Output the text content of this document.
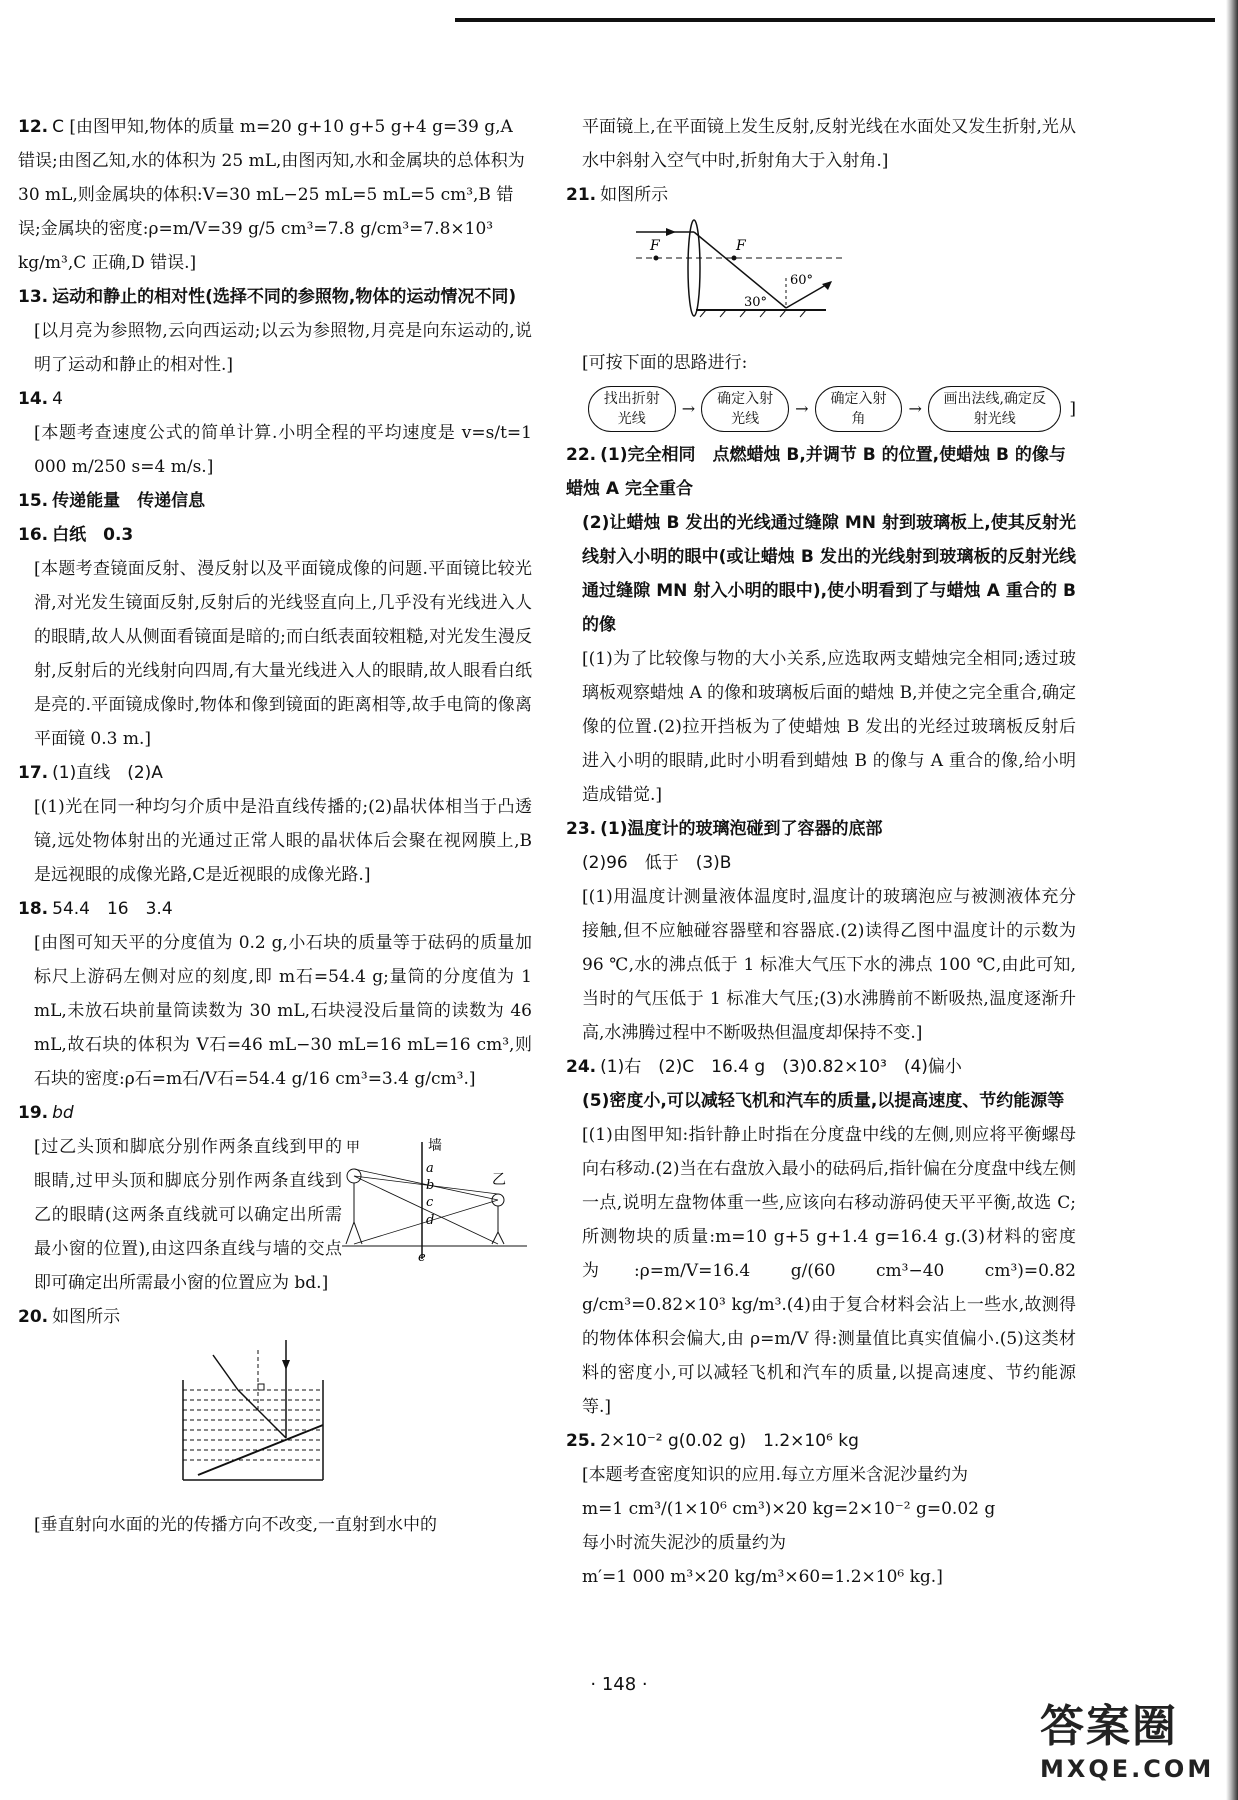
12. C [由图甲知,物体的质量 m=20 g+10 g+5 g+4 g=39 g,A 错误;由图乙知,水的体积为 25 mL,由图丙知,水和金属块的总体积为 30 mL,则金属块的体积:V=30 mL−25 mL=5 mL=5 cm³,B 错误;金属块的密度:ρ=m/V=39 g/5 cm³=7.8 g/cm³=7.8×10³ kg/m³,C 正确,D 错误.]
13. 运动和静止的相对性(选择不同的参照物,物体的运动情况不同)
[以月亮为参照物,云向西运动;以云为参照物,月亮是向东运动的,说明了运动和静止的相对性.]
14. 4
[本题考查速度公式的简单计算.小明全程的平均速度是 v=s/t=1 000 m/250 s=4 m/s.]
15. 传递能量　传递信息
16. 白纸　0.3
[本题考查镜面反射、漫反射以及平面镜成像的问题.平面镜比较光滑,对光发生镜面反射,反射后的光线竖直向上,几乎没有光线进入人的眼睛,故人从侧面看镜面是暗的;而白纸表面较粗糙,对光发生漫反射,反射后的光线射向四周,有大量光线进入人的眼睛,故人眼看白纸是亮的.平面镜成像时,物体和像到镜面的距离相等,故手电筒的像离平面镜 0.3 m.]
17. (1)直线　(2)A
[(1)光在同一种均匀介质中是沿直线传播的;(2)晶状体相当于凸透镜,远处物体射出的光通过正常人眼的晶状体后会聚在视网膜上,B是远视眼的成像光路,C是近视眼的成像光路.]
18. 54.4　16　3.4
[由图可知天平的分度值为 0.2 g,小石块的质量等于砝码的质量加标尺上游码左侧对应的刻度,即 m石=54.4 g;量筒的分度值为 1 mL,未放石块前量筒读数为 30 mL,石块浸没后量筒的读数为 46 mL,故石块的体积为 V石=46 mL−30 mL=16 mL=16 cm³,则石块的密度:ρ石=m石/V石=54.4 g/16 cm³=3.4 g/cm³.]
19. bd
[过乙头顶和脚底分别作两条直线到甲的眼睛,过甲头顶和脚底分别作两条直线到乙的眼睛(这两条直线就可以确定出所需最小窗的位置),由这四条直线与墙的交点即可确定出所需最小窗的位置应为 bd.]
墙
甲
乙
a
b
c
d
e
20. 如图所示
[垂直射向水面的光的传播方向不改变,一直射到水中的
平面镜上,在平面镜上发生反射,反射光线在水面处又发生折射,光从水中斜射入空气中时,折射角大于入射角.]
21. 如图所示
F	F
30°
60°
[可按下面的思路进行:
找出折射光线
→	确定入射光线
→	确定入射角
→	画出法线,确定反射光线	]
22. (1)完全相同　点燃蜡烛 B,并调节 B 的位置,使蜡烛 B 的像与蜡烛 A 完全重合
(2)让蜡烛 B 发出的光线通过缝隙 MN 射到玻璃板上,使其反射光线射入小明的眼中(或让蜡烛 B 发出的光线射到玻璃板的反射光线通过缝隙 MN 射入小明的眼中),使小明看到了与蜡烛 A 重合的 B 的像
[(1)为了比较像与物的大小关系,应选取两支蜡烛完全相同;透过玻璃板观察蜡烛 A 的像和玻璃板后面的蜡烛 B,并使之完全重合,确定像的位置.(2)拉开挡板为了使蜡烛 B 发出的光经过玻璃板反射后进入小明的眼睛,此时小明看到蜡烛 B 的像与 A 重合的像,给小明造成错觉.]
23. (1)温度计的玻璃泡碰到了容器的底部
(2)96　低于　(3)B
[(1)用温度计测量液体温度时,温度计的玻璃泡应与被测液体充分接触,但不应触碰容器壁和容器底.(2)读得乙图中温度计的示数为 96 ℃,水的沸点低于 1 标准大气压下水的沸点 100 ℃,由此可知,当时的气压低于 1 标准大气压;(3)水沸腾前不断吸热,温度逐渐升高,水沸腾过程中不断吸热但温度却保持不变.]
24. (1)右　(2)C　16.4 g　(3)0.82×10³　(4)偏小
(5)密度小,可以减轻飞机和汽车的质量,以提高速度、节约能源等
[(1)由图甲知:指针静止时指在分度盘中线的左侧,则应将平衡螺母向右移动.(2)当在右盘放入最小的砝码后,指针偏在分度盘中线左侧一点,说明左盘物体重一些,应该向右移动游码使天平平衡,故选 C;所测物块的质量:m=10 g+5 g+1.4 g=16.4 g.(3)材料的密度为:ρ=m/V=16.4 g/(60 cm³−40 cm³)=0.82 g/cm³=0.82×10³ kg/m³.(4)由于复合材料会沾上一些水,故测得的物体体积会偏大,由 ρ=m/V 得:测量值比真实值偏小.(5)这类材料的密度小,可以减轻飞机和汽车的质量,以提高速度、节约能源等.]
25. 2×10⁻² g(0.02 g)　1.2×10⁶ kg
[本题考查密度知识的应用.每立方厘米含泥沙量约为
m=1 cm³/(1×10⁶ cm³)×20 kg=2×10⁻² g=0.02 g
每小时流失泥沙的质量约为
m′=1 000 m³×20 kg/m³×60=1.2×10⁶ kg.]
· 148 ·
答案圈
MXQE.COM
